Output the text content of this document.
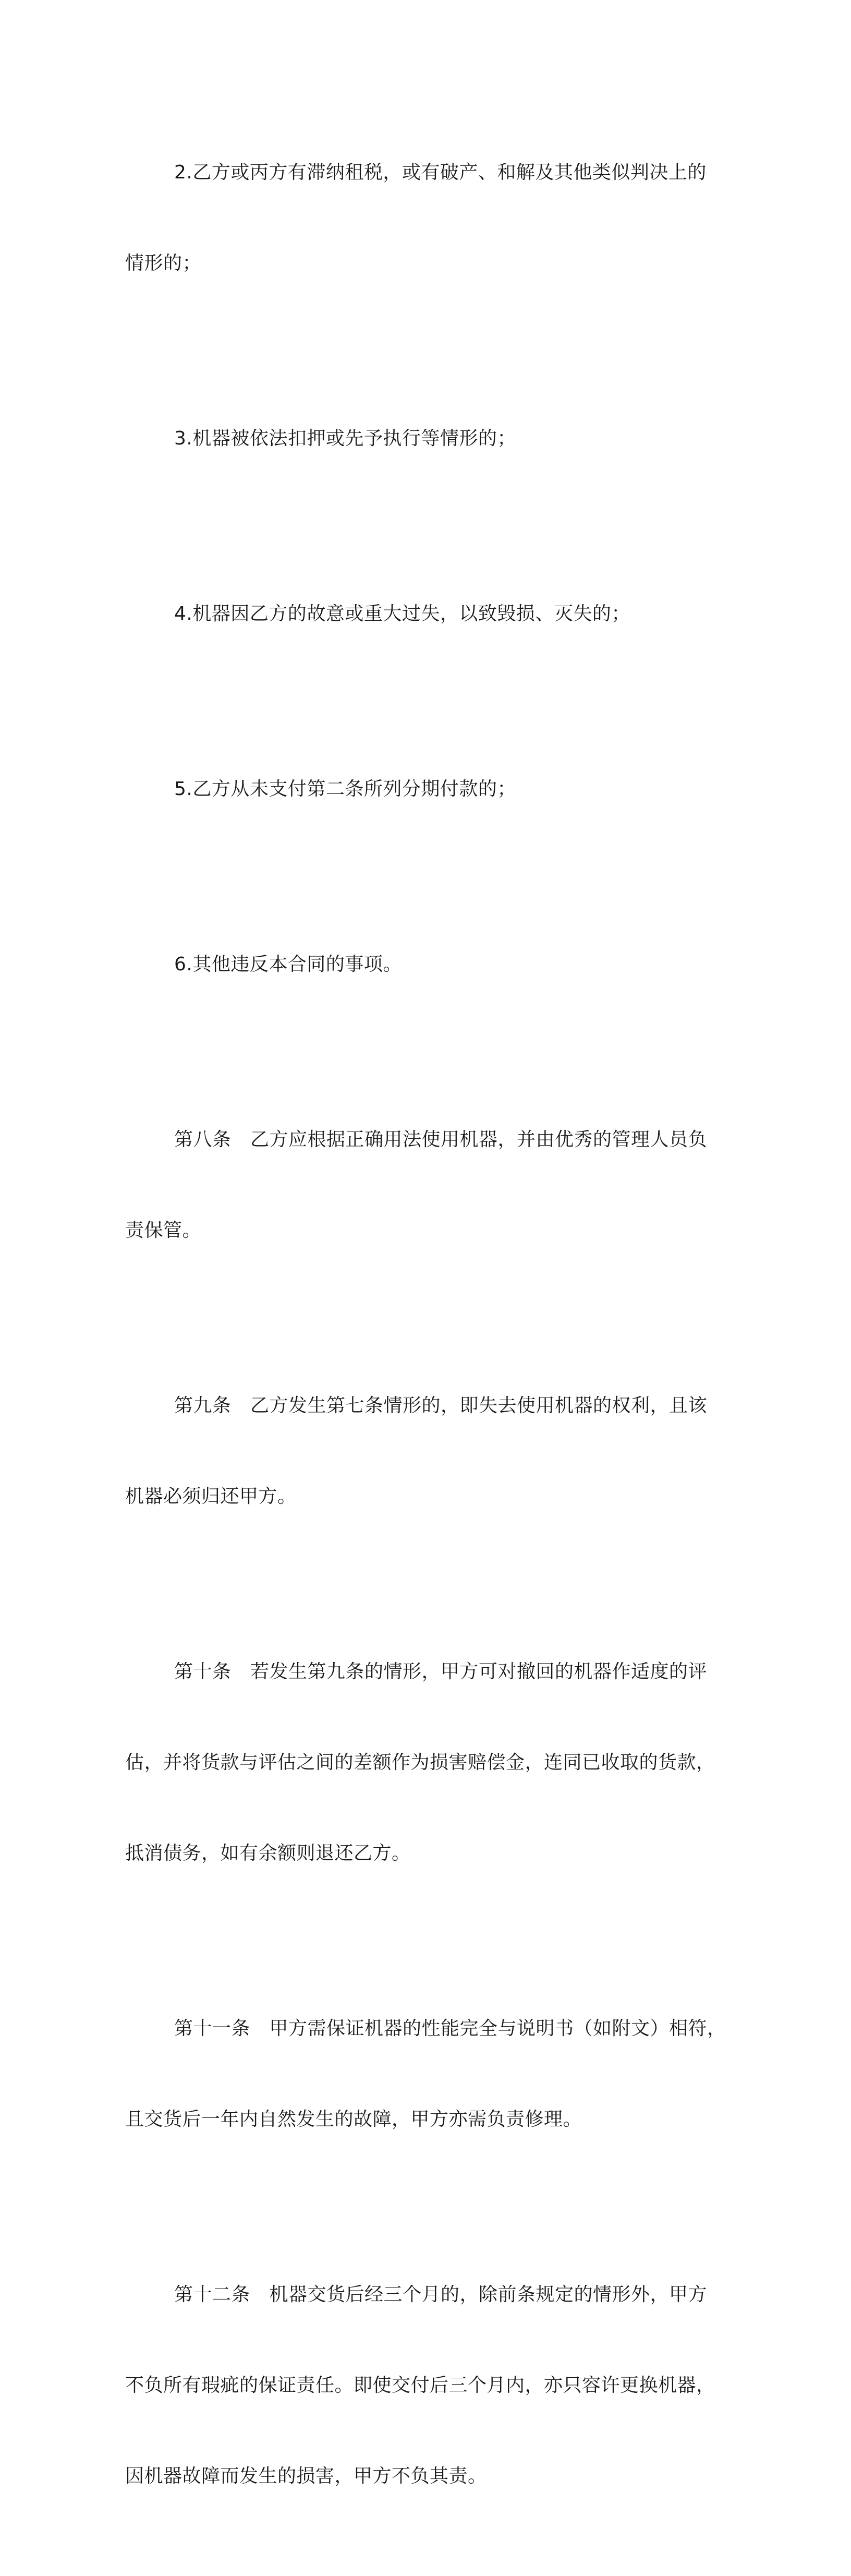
2.乙方或丙方有滞纳租税，或有破产、和解及其他类似判决上的

情形的；

3.机器被依法扣押或先予执行等情形的；

4.机器因乙方的故意或重大过失，以致毁损、灭失的；

5.乙方从未支付第二条所列分期付款的；

6.其他违反本合同的事项。

第八条　乙方应根据正确用法使用机器，并由优秀的管理人员负

责保管。

第九条　乙方发生第七条情形的，即失去使用机器的权利，且该

机器必须归还甲方。

第十条　若发生第九条的情形，甲方可对撤回的机器作适度的评

估，并将货款与评估之间的差额作为损害赔偿金，连同已收取的货款，

抵消债务，如有余额则退还乙方。

第十一条　甲方需保证机器的性能完全与说明书（如附文）相符，

且交货后一年内自然发生的故障，甲方亦需负责修理。

第十二条　机器交货后经三个月的，除前条规定的情形外，甲方

不负所有瑕疵的保证责任。即使交付后三个月内，亦只容许更换机器，

因机器故障而发生的损害，甲方不负其责。
